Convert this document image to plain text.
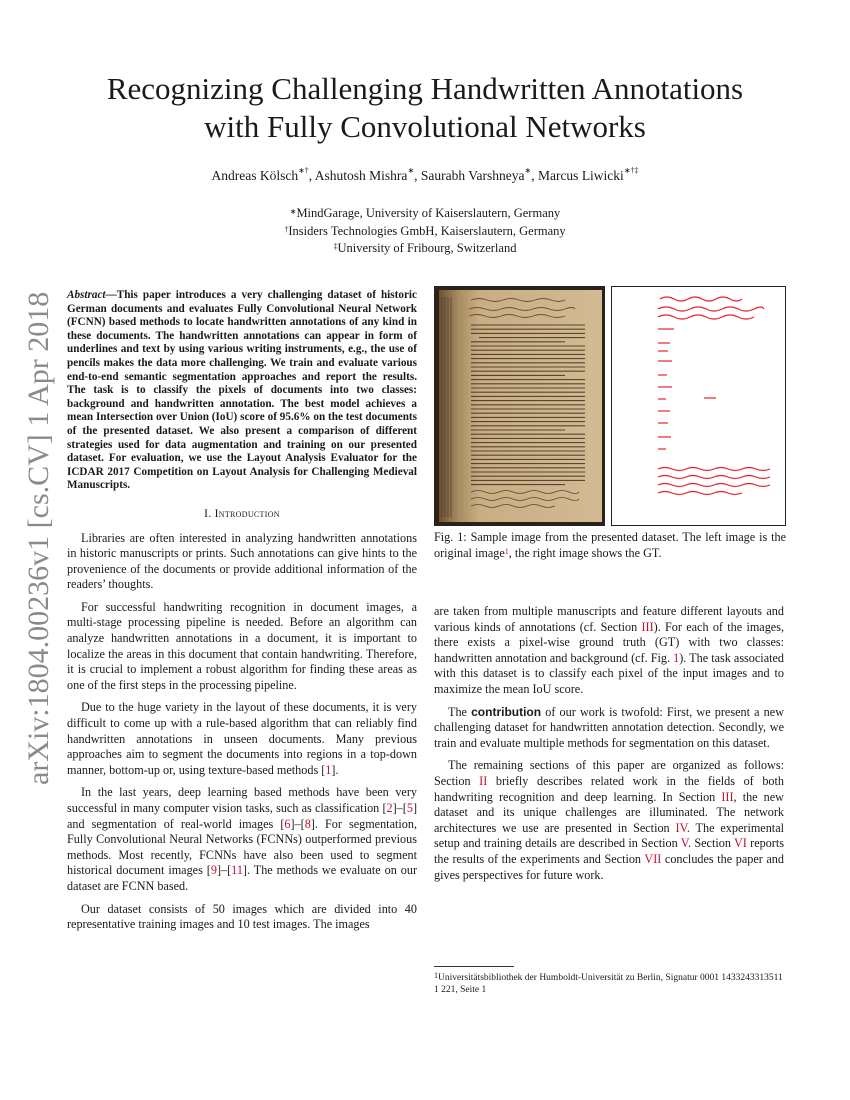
arXiv:1804.00236v1 [cs.CV] 1 Apr 2018
Recognizing Challenging Handwritten Annotations
with Fully Convolutional Networks
Andreas Kölsch∗†, Ashutosh Mishra∗, Saurabh Varshneya∗, Marcus Liwicki∗†‡
∗MindGarage, University of Kaiserslautern, Germany
†Insiders Technologies GmbH, Kaiserslautern, Germany
‡University of Fribourg, Switzerland
Abstract—This paper introduces a very challenging dataset of historic German documents and evaluates Fully Convolutional Neural Network (FCNN) based methods to locate handwritten annotations of any kind in these documents. The handwritten annotations can appear in form of underlines and text by using various writing instruments, e.g., the use of pencils makes the data more challenging. We train and evaluate various end-to-end semantic segmentation approaches and report the results. The task is to classify the pixels of documents into two classes: background and handwritten annotation. The best model achieves a mean Intersection over Union (IoU) score of 95.6% on the test documents of the presented dataset. We also present a comparison of different strategies used for data augmentation and training on our presented dataset. For evaluation, we use the Layout Analysis Evaluator for the ICDAR 2017 Competition on Layout Analysis for Challenging Medieval Manuscripts.
I. Introduction

Libraries are often interested in analyzing handwritten annotations in historic manuscripts or prints. Such annotations can give hints to the provenience of the documents or provide additional information of the readers’ thoughts.

For successful handwriting recognition in document images, a multi-stage processing pipeline is needed. Before an algorithm can analyze handwritten annotations in a document, it is important to localize the areas in this document that contain handwriting. Therefore, it is crucial to implement a robust algorithm for finding these areas as one of the first steps in the processing pipeline.

Due to the huge variety in the layout of these documents, it is very difficult to come up with a rule-based algorithm that can reliably find handwritten annotations in unseen documents. Many previous approaches aim to segment the documents into regions in a top-down manner, bottom-up or, using texture-based methods [1].

In the last years, deep learning based methods have been very successful in many computer vision tasks, such as classification [2]–[5] and segmentation of real-world images [6]–[8]. For segmentation, Fully Convolutional Neural Networks (FCNNs) outperformed previous methods. Most recently, FCNNs have also been used to segment historical document images [9]–[11]. The methods we evaluate on our dataset are FCNN based.

Our dataset consists of 50 images which are divided into 40 representative training images and 10 test images. The images

Fig. 1: Sample image from the presented dataset. The left image is the original image$^1$, the right image shows the GT.

are taken from multiple manuscripts and feature different layouts and various kinds of annotations (cf. Section III). For each of the images, there exists a pixel-wise ground truth (GT) with two classes: handwritten annotation and background (cf. Fig. 1). The task associated with this dataset is to classify each pixel of the input images and to maximize the mean IoU score.

The contribution of our work is twofold: First, we present a new challenging dataset for handwritten annotation detection. Secondly, we train and evaluate multiple methods for segmentation on this dataset.

The remaining sections of this paper are organized as follows: Section II briefly describes related work in the fields of both handwriting recognition and deep learning. In Section III, the new dataset and its unique challenges are illuminated. The network architectures we use are presented in Section IV. The experimental setup and training details are described in Section V. Section VI reports the results of the experiments and Section VII concludes the paper and gives perspectives for future work.

$^1$Universitätsbibliothek der Humboldt-Universität zu Berlin, Signatur 0001 1433243313511 1 221, Seite 1
